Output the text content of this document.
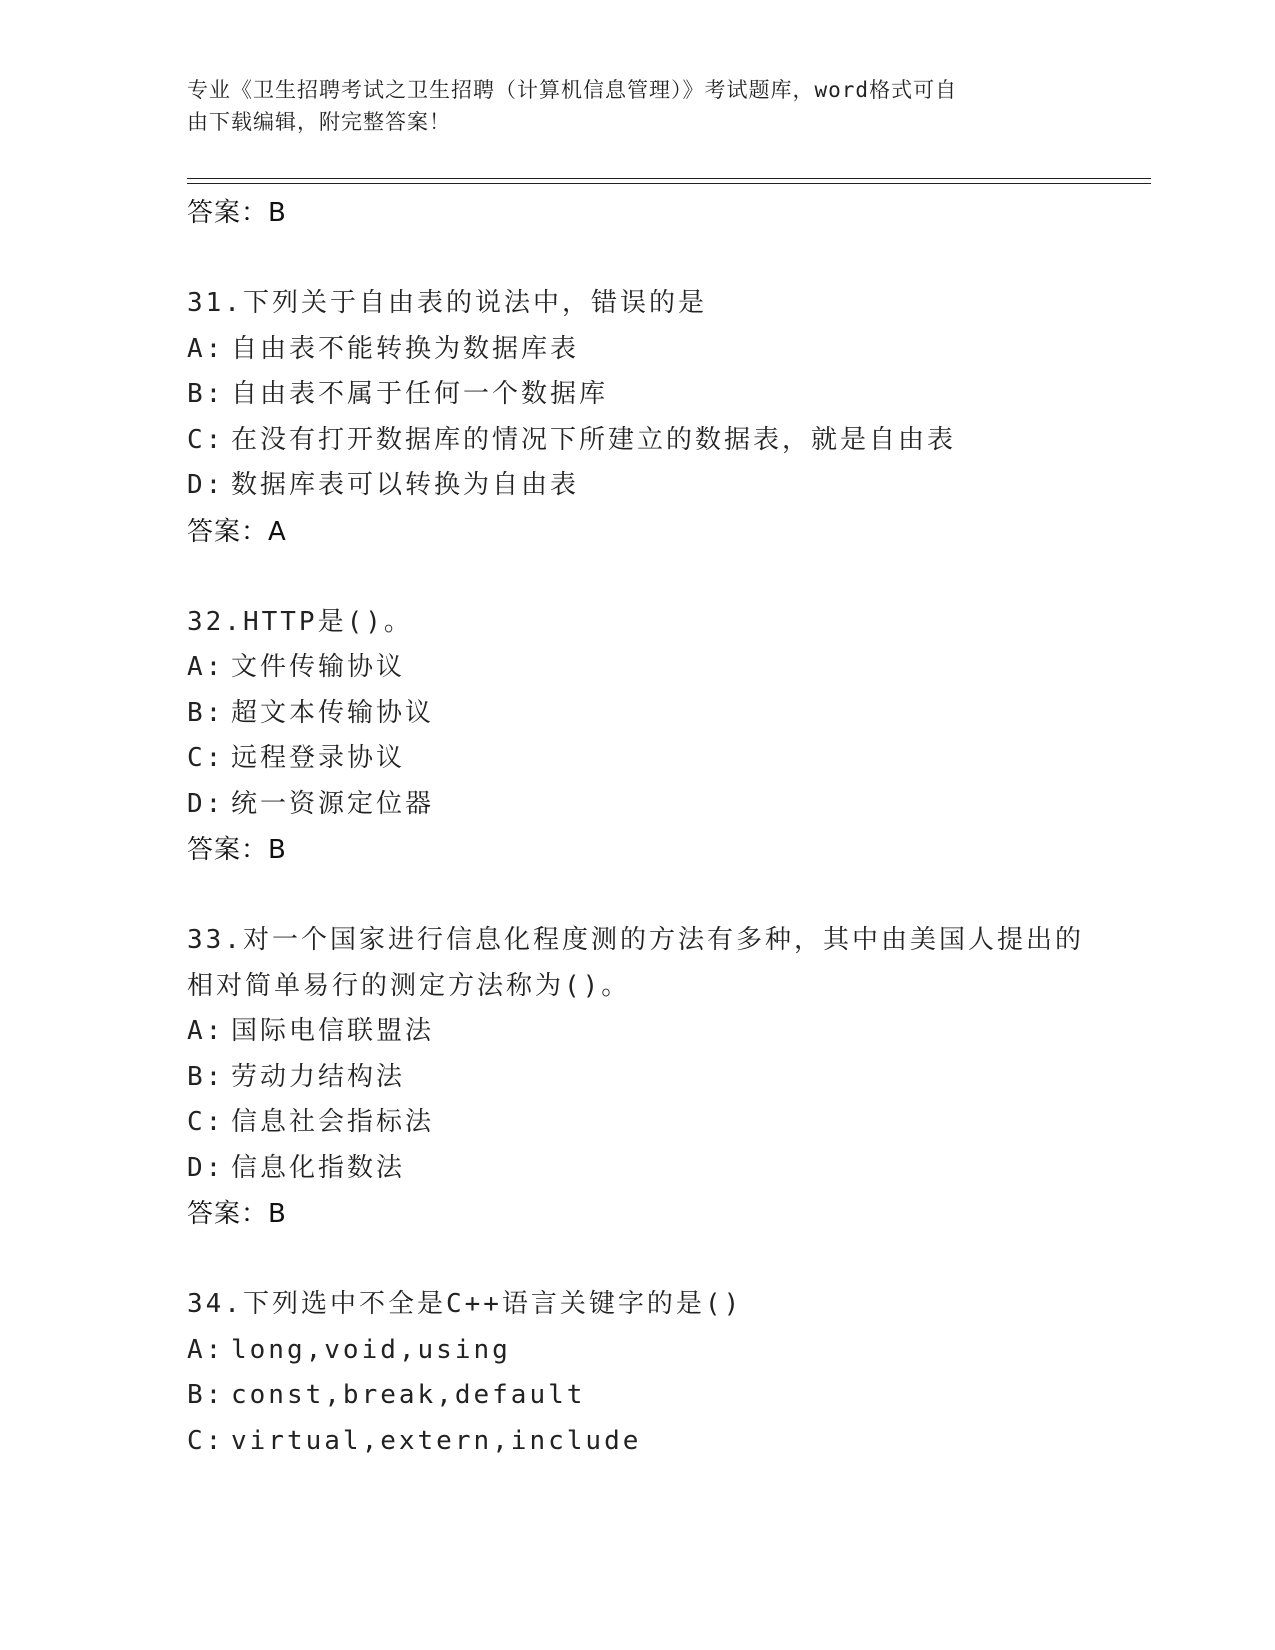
专业《卫生招聘考试之卫生招聘（计算机信息管理）》考试题库，word格式可自
由下载编辑，附完整答案！
答案：B
31.下列关于自由表的说法中，错误的是
A: 自由表不能转换为数据库表
B: 自由表不属于任何一个数据库
C: 在没有打开数据库的情况下所建立的数据表，就是自由表
D: 数据库表可以转换为自由表
答案：A
32.HTTP是()。
A: 文件传输协议
B: 超文本传输协议
C: 远程登录协议
D: 统一资源定位器
答案：B
33.对一个国家进行信息化程度测的方法有多种，其中由美国人提出的相对简单易行的测定方法称为()。
A: 国际电信联盟法
B: 劳动力结构法
C: 信息社会指标法
D: 信息化指数法
答案：B
34.下列选中不全是C++语言关键字的是()
A: long,void,using
B: const,break,default
C: virtual,extern,include
